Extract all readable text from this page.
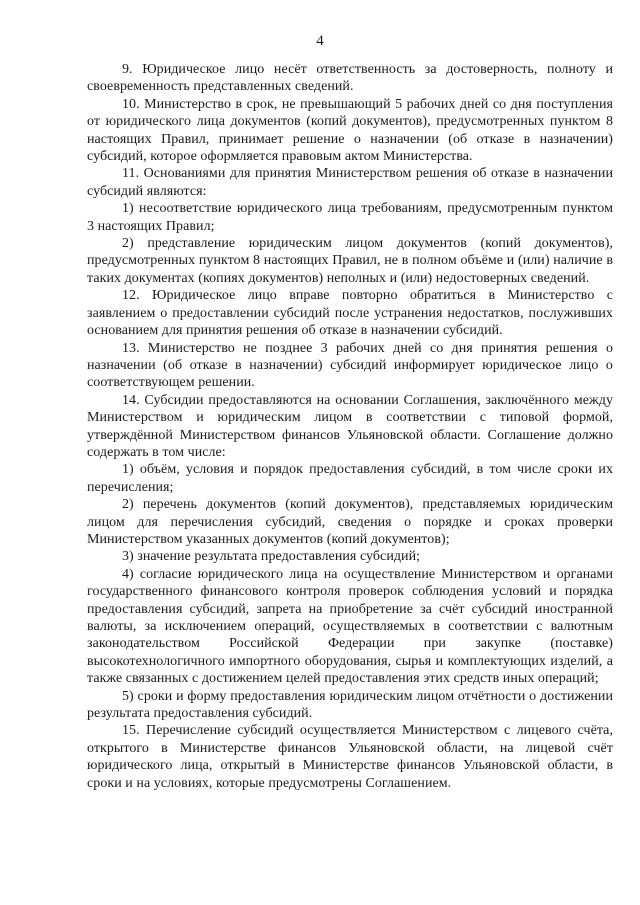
4

9. Юридическое лицо несёт ответственность за достоверность, полноту и своевременность представленных сведений.

10. Министерство в срок, не превышающий 5 рабочих дней со дня поступления от юридического лица документов (копий документов), предусмотренных пунктом 8 настоящих Правил, принимает решение о назначении (об отказе в назначении) субсидий, которое оформляется правовым актом Министерства.

11. Основаниями для принятия Министерством решения об отказе в назначении субсидий являются:

1) несоответствие юридического лица требованиям, предусмотренным пунктом 3 настоящих Правил;

2) представление юридическим лицом документов (копий документов), предусмотренных пунктом 8 настоящих Правил, не в полном объёме и (или) наличие в таких документах (копиях документов) неполных и (или) недостоверных сведений.

12. Юридическое лицо вправе повторно обратиться в Министерство с заявлением о предоставлении субсидий после устранения недостатков, послуживших основанием для принятия решения об отказе в назначении субсидий.

13. Министерство не позднее 3 рабочих дней со дня принятия решения о назначении (об отказе в назначении) субсидий информирует юридическое лицо о соответствующем решении.

14. Субсидии предоставляются на основании Соглашения, заключённого между Министерством и юридическим лицом в соответствии с типовой формой, утверждённой Министерством финансов Ульяновской области. Соглашение должно содержать в том числе:

1) объём, условия и порядок предоставления субсидий, в том числе сроки их перечисления;

2) перечень документов (копий документов), представляемых юридическим лицом для перечисления субсидий, сведения о порядке и сроках проверки Министерством указанных документов (копий документов);

3) значение результата предоставления субсидий;

4) согласие юридического лица на осуществление Министерством и органами государственного финансового контроля проверок соблюдения условий и порядка предоставления субсидий, запрета на приобретение за счёт субсидий иностранной валюты, за исключением операций, осуществляемых в соответствии с валютным законодательством Российской Федерации при закупке (поставке) высокотехнологичного импортного оборудования, сырья и комплектующих изделий, а также связанных с достижением целей предоставления этих средств иных операций;

5) сроки и форму предоставления юридическим лицом отчётности о достижении результата предоставления субсидий.

15. Перечисление субсидий осуществляется Министерством с лицевого счёта, открытого в Министерстве финансов Ульяновской области, на лицевой счёт юридического лица, открытый в Министерстве финансов Ульяновской области, в сроки и на условиях, которые предусмотрены Соглашением.
